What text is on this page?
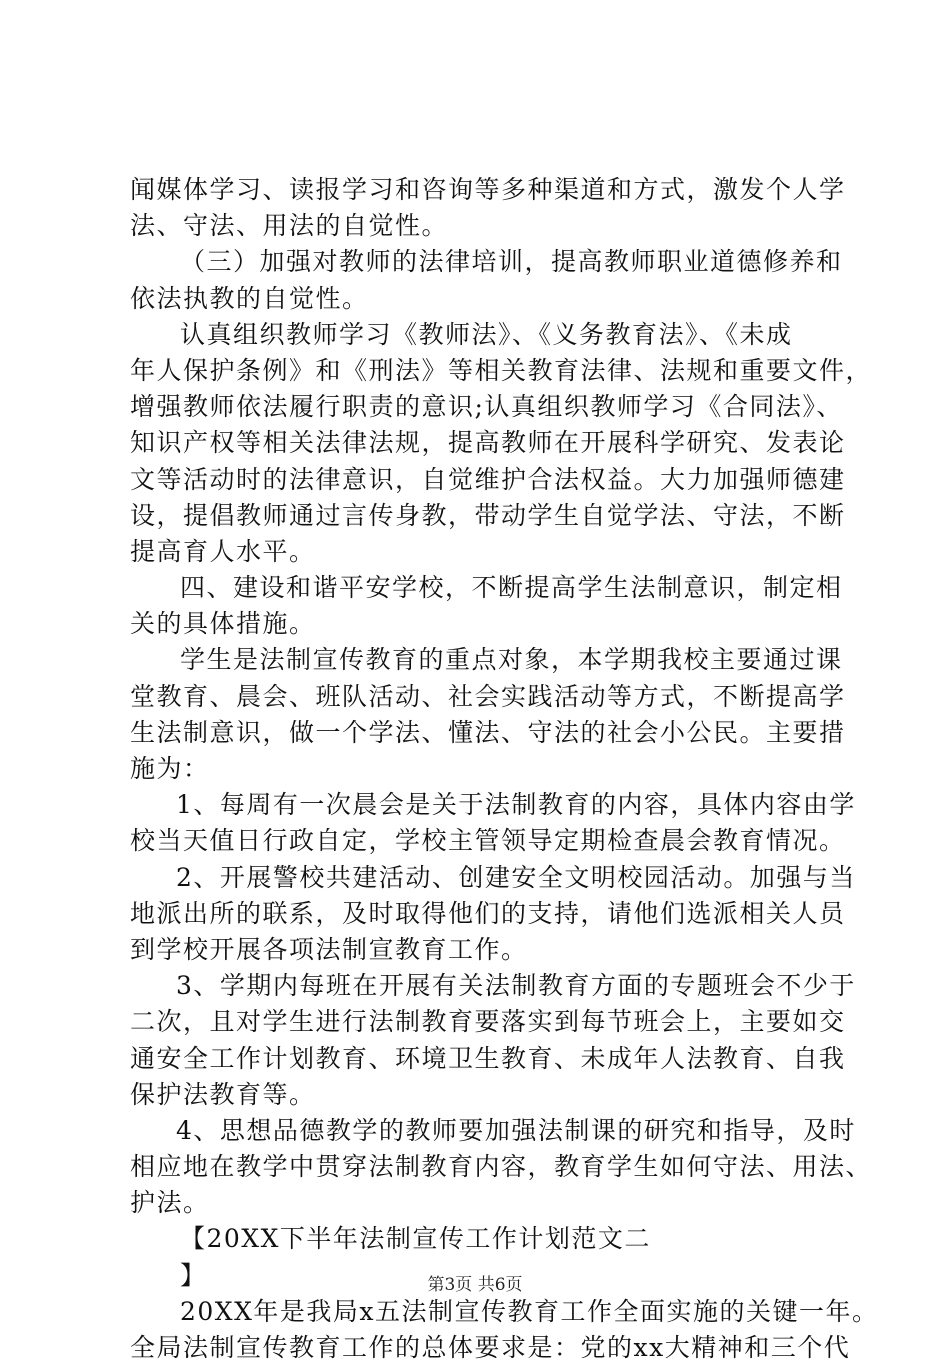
闻媒体学习、读报学习和咨询等多种渠道和方式，激发个人学
法、守法、用法的自觉性。
（三）加强对教师的法律培训，提高教师职业道德修养和
依法执教的自觉性。
认真组织教师学习《教师法》、《义务教育法》、《未成
年人保护条例》和《刑法》等相关教育法律、法规和重要文件，
增强教师依法履行职责的意识;认真组织教师学习《合同法》、
知识产权等相关法律法规，提高教师在开展科学研究、发表论
文等活动时的法律意识，自觉维护合法权益。大力加强师德建
设，提倡教师通过言传身教，带动学生自觉学法、守法，不断
提高育人水平。
四、建设和谐平安学校，不断提高学生法制意识，制定相
关的具体措施。
学生是法制宣传教育的重点对象，本学期我校主要通过课
堂教育、晨会、班队活动、社会实践活动等方式，不断提高学
生法制意识，做一个学法、懂法、守法的社会小公民。主要措
施为：
1、每周有一次晨会是关于法制教育的内容，具体内容由学
校当天值日行政自定，学校主管领导定期检查晨会教育情况。
2、开展警校共建活动、创建安全文明校园活动。加强与当
地派出所的联系，及时取得他们的支持，请他们选派相关人员
到学校开展各项法制宣教育工作。
3、学期内每班在开展有关法制教育方面的专题班会不少于
二次，且对学生进行法制教育要落实到每节班会上，主要如交
通安全工作计划教育、环境卫生教育、未成年人法教育、自我
保护法教育等。
4、思想品德教学的教师要加强法制课的研究和指导，及时
相应地在教学中贯穿法制教育内容，教育学生如何守法、用法、
护法。
【20XX下半年法制宣传工作计划范文二
】
20XX年是我局x五法制宣传教育工作全面实施的关键一年。
全局法制宣传教育工作的总体要求是：党的xx大精神和三个代
第3页 共6页
